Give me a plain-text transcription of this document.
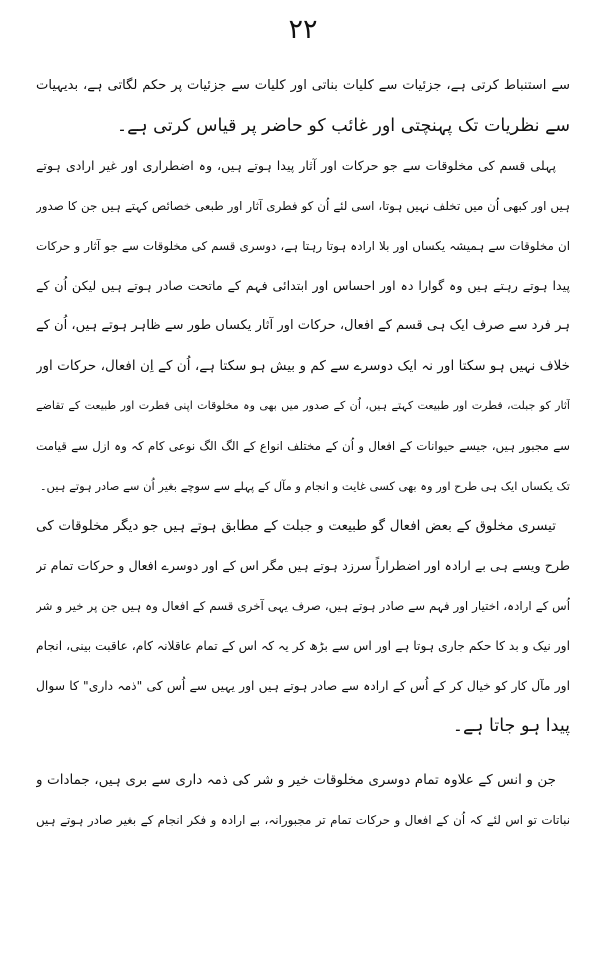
۲۲
سے استنباط کرتی ہے، جزئیات سے کلیات بناتی اور کلیات سے جزئیات پر حکم لگاتی ہے، بدیہیات
سے نظریات تک پہنچتی اور غائب کو حاضر پر قیاس کرتی ہے۔
پہلی قسم کی مخلوقات سے جو حرکات اور آثار پیدا ہوتے ہیں، وہ اضطراری اور غیر ارادی ہوتے
ہیں اور کبھی اُن میں تخلف نہیں ہوتا، اسی لئے اُن کو فطری آثار اور طبعی خصائص کہتے ہیں جن کا صدور
ان مخلوقات سے ہمیشہ یکساں اور بلا ارادہ ہوتا رہتا ہے، دوسری قسم کی مخلوقات سے جو آثار و حرکات
پیدا ہوتے رہتے ہیں وہ گوارا دہ اور احساس اور ابتدائی فہم کے ماتحت صادر ہوتے ہیں لیکن اُن کے
ہر فرد سے صرف ایک ہی قسم کے افعال، حرکات اور آثار یکساں طور سے ظاہر ہوتے ہیں، اُن کے
خلاف نہیں ہو سکتا اور نہ ایک دوسرے سے کم و بیش ہو سکتا ہے، اُن کے اِن افعال، حرکات اور
آثار کو جبلت، فطرت اور طبیعت کہتے ہیں، اُن کے صدور میں بھی وہ مخلوقات اپنی فطرت اور طبیعت کے تقاضے
سے مجبور ہیں، جیسے حیوانات کے افعال و اُن کے مختلف انواع کے الگ الگ نوعی کام کہ وہ ازل سے قیامت
تک یکساں ایک ہی طرح اور وہ بھی کسی غایت و انجام و مآل کے پہلے سے سوچے بغیر اُن سے صادر ہوتے ہیں۔
تیسری مخلوق کے بعض افعال گو طبیعت و جبلت کے مطابق ہوتے ہیں جو دیگر مخلوقات کی
طرح ویسے ہی بے ارادہ اور اضطراراً سرزد ہوتے ہیں مگر اس کے اور دوسرے افعال و حرکات تمام تر
اُس کے ارادہ، اختیار اور فہم سے صادر ہوتے ہیں، صرف یہی آخری قسم کے افعال وہ ہیں جن پر خیر و شر
اور نیک و بد کا حکم جاری ہوتا ہے اور اس سے بڑھ کر یہ کہ اس کے تمام عاقلانہ کام، عاقبت بینی، انجام
اور مآل کار کو خیال کر کے اُس کے ارادہ سے صادر ہوتے ہیں اور یہیں سے اُس کی "ذمہ داری" کا سوال
پیدا ہو جاتا ہے۔
جن و انس کے علاوہ تمام دوسری مخلوقات خیر و شر کی ذمہ داری سے بری ہیں، جمادات و
نباتات تو اس لئے کہ اُن کے افعال و حرکات تمام تر مجبورانہ، بے ارادہ و فکر انجام کے بغیر صادر ہوتے ہیں
